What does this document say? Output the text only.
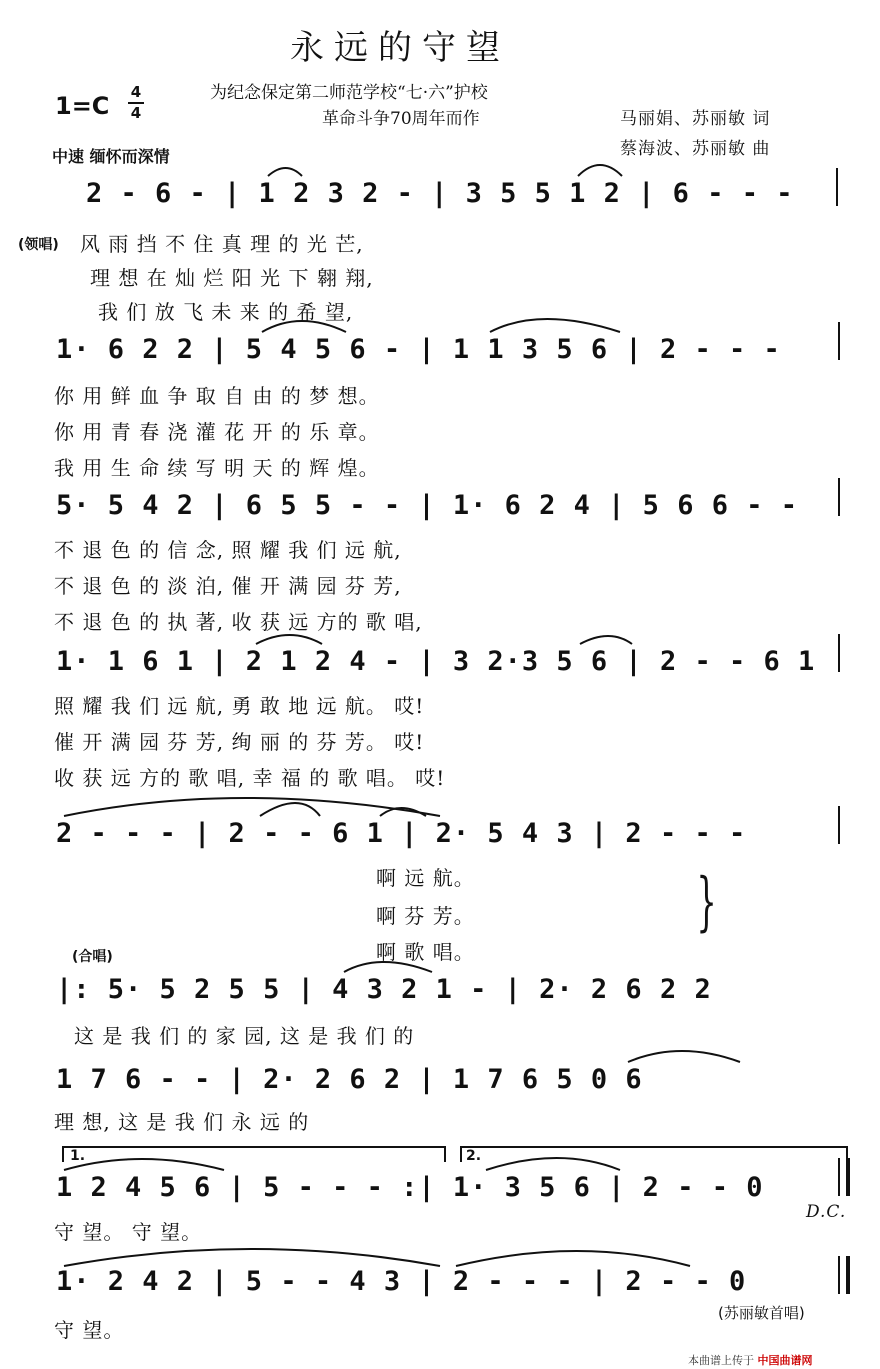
永远的守望
为纪念保定第二师范学校“七·六”护校
革命斗争70周年而作	马丽娟、苏丽敏 词
蔡海波、苏丽敏 曲
1=C 4
4
中速 缅怀而深情
2 - 6 - | 1 2 3 2 - | 3 5 5 1 2 | 6 - - -
(领唱) 风 雨 挡 不 住 真 理 的 光 芒,
理 想 在 灿 烂 阳 光 下 翱 翔,
我 们 放 飞 未 来 的 希 望,
1· 6 2 2 | 5 4 5 6 - | 1 1 3 5 6 | 2 - - -
你 用 鲜 血 争 取 自 由 的 梦 想。
你 用 青 春 浇 灌 花 开 的 乐 章。
我 用 生 命 续 写 明 天 的 辉 煌。
5· 5 4 2 | 6 5 5 - - | 1· 6 2 4 | 5 6 6 - -
不 退 色 的 信 念, 照 耀 我 们 远 航,
不 退 色 的 淡 泊, 催 开 满 园 芬 芳,
不 退 色 的 执 著, 收 获 远 方的 歌 唱,
1· 1 6 1 | 2 1 2 4 - | 3 2·3 5 6 | 2 - - 6 1
照 耀 我 们 远 航, 勇 敢 地 远 航。 哎!
催 开 满 园 芬 芳, 绚 丽 的 芬 芳。 哎!
收 获 远 方的 歌 唱, 幸 福 的 歌 唱。 哎!
2 - - - | 2 - - 6 1 | 2· 5 4 3 | 2 - - -
啊 远 航。
啊 芬 芳。
啊 歌 唱。
}
(合唱)
|: 5· 5 2 5 5 | 4 3 2 1 - | 2· 2 6 2 2
这 是 我 们 的 家 园, 这 是 我 们 的
1 7 6 - - | 2· 2 6 2 | 1 7 6 5 0 6
理 想, 这 是 我 们 永 远 的
1.	2.
1 2 4 5 6 | 5 - - - :| 1· 3 5 6 | 2 - - 0
D.C.
守 望。 守 望。
1· 2 4 2 | 5 - - 4 3 | 2 - - - | 2 - - 0
守 望。
(苏丽敏首唱)
本曲谱上传于 中国曲谱网
